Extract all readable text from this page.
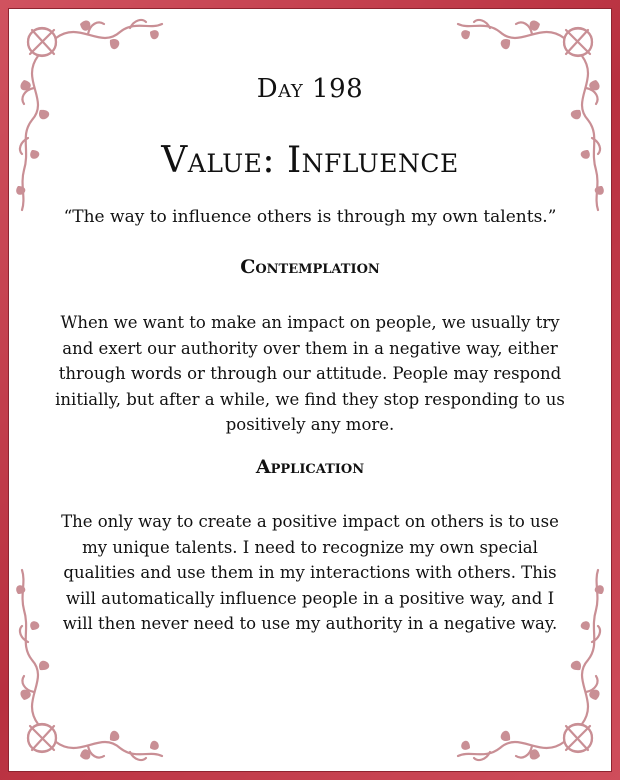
Day 198
Value: Influence
“The way to influence others is through my own talents.”
Contemplation
When we want to make an impact on people, we usually try and exert our authority over them in a negative way, either through words or through our attitude. People may respond initially, but after a while, we find they stop responding to us positively any more.
Application
The only way to create a positive impact on others is to use my unique talents. I need to recognize my own special qualities and use them in my interactions with others. This will automatically influence people in a positive way, and I will then never need to use my authority in a negative way.
